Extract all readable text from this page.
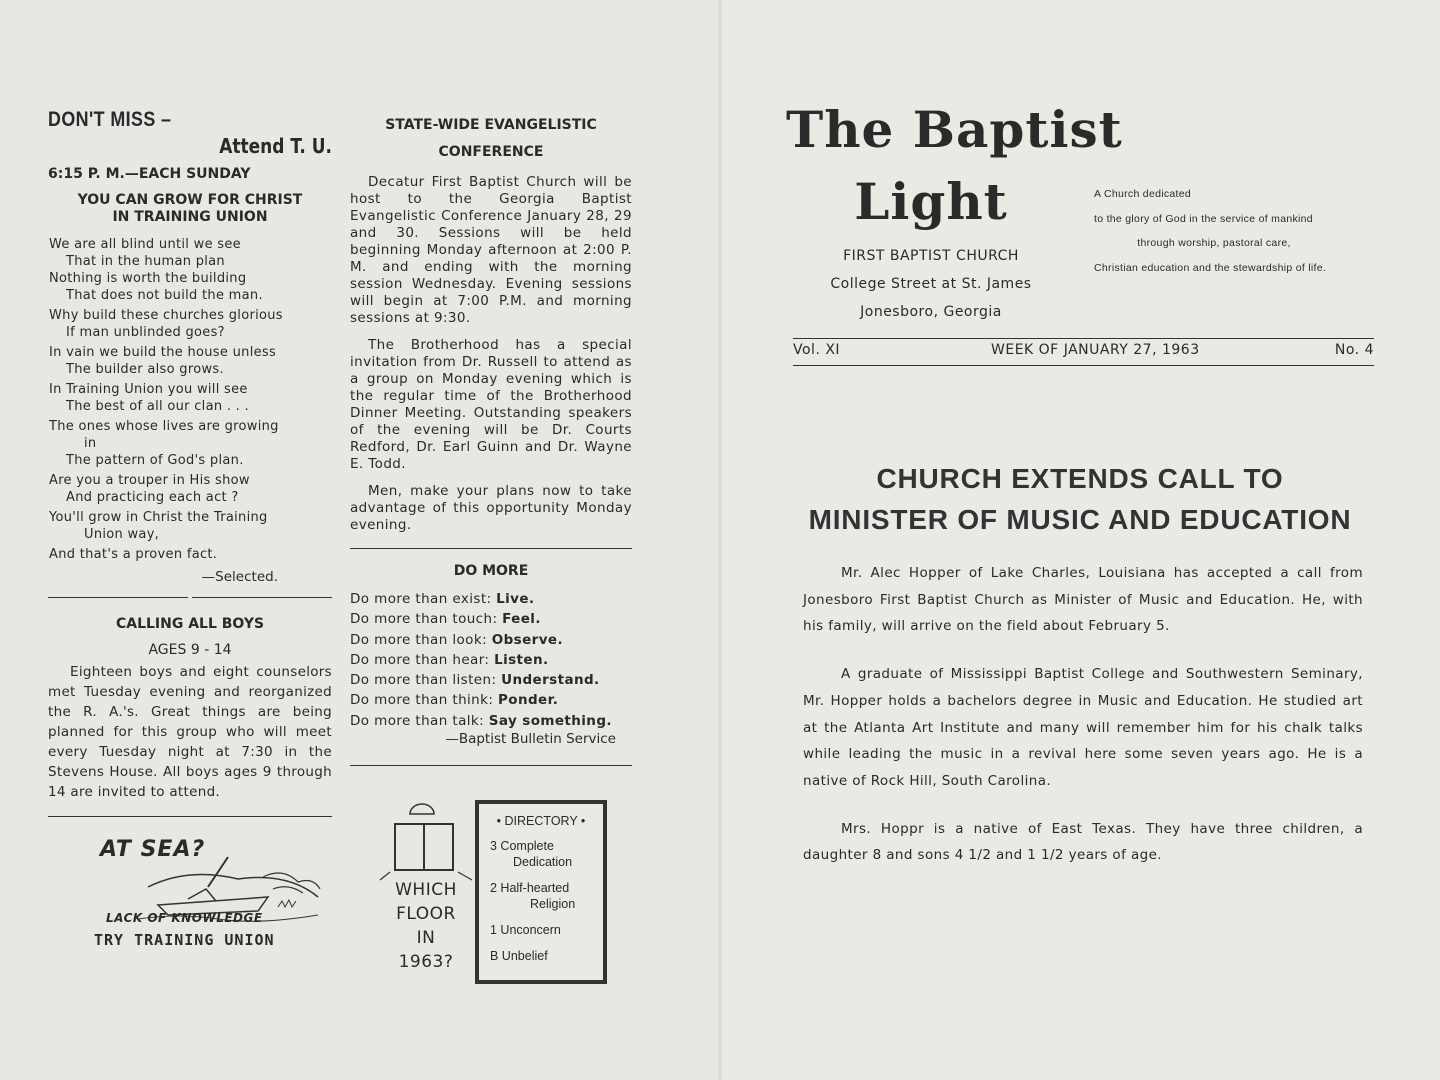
DON'T MISS –
Attend T. U.
6:15 P. M.—EACH SUNDAY
YOU CAN GROW FOR CHRIST
IN TRAINING UNION
We are all blind until we see
That in the human plan
Nothing is worth the building
That does not build the man.
Why build these churches glorious
If man unblinded goes?
In vain we build the house unless
The builder also grows.
In Training Union you will see
The best of all our clan . . .
The ones whose lives are growing
in
The pattern of God's plan.
Are you a trouper in His show
And practicing each act ?
You'll grow in Christ the Training
Union way,
And that's a proven fact.
—Selected.
CALLING ALL BOYS
AGES 9 - 14
Eighteen boys and eight counselors met Tuesday evening and reorganized the R. A.'s. Great things are being planned for this group who will meet every Tuesday night at 7:30 in the Stevens House. All boys ages 9 through 14 are invited to attend.
AT SEA?
LACK OF KNOWLEDGE
TRY TRAINING UNION
STATE-WIDE EVANGELISTIC
CONFERENCE
Decatur First Baptist Church will be host to the Georgia Baptist Evangelistic Conference January 28, 29 and 30. Sessions will be held beginning Monday afternoon at 2:00 P. M. and ending with the morning session Wednesday. Evening sessions will begin at 7:00 P.M. and morning sessions at 9:30.
The Brotherhood has a special invitation from Dr. Russell to attend as a group on Monday evening which is the regular time of the Brotherhood Dinner Meeting. Outstanding speakers of the evening will be Dr. Courts Redford, Dr. Earl Guinn and Dr. Wayne E. Todd.
Men, make your plans now to take advantage of this opportunity Monday evening.
DO MORE
Do more than exist: Live.
Do more than touch: Feel.
Do more than look: Observe.
Do more than hear: Listen.
Do more than listen: Understand.
Do more than think: Ponder.
Do more than talk: Say something.
—Baptist Bulletin Service
WHICH
FLOOR
IN
1963?
• DIRECTORY •
3 Complete
Dedication
2 Half-hearted
Religion
1 Unconcern
B Unbelief
The Baptist
Light
FIRST BAPTIST CHURCH
College Street at St. James
Jonesboro, Georgia
A Church dedicated
to the glory of God in the service of mankind
through worship, pastoral care,
Christian education and the stewardship of life.
Vol. XI	WEEK OF JANUARY 27, 1963	No. 4
CHURCH EXTENDS CALL TO
MINISTER OF MUSIC AND EDUCATION

Mr. Alec Hopper of Lake Charles, Louisiana has accepted a call from Jonesboro First Baptist Church as Minister of Music and Education. He, with his family, will arrive on the field about February 5.

A graduate of Mississippi Baptist College and Southwestern Seminary, Mr. Hopper holds a bachelors degree in Music and Education. He studied art at the Atlanta Art Institute and many will remember him for his chalk talks while leading the music in a revival here some seven years ago. He is a native of Rock Hill, South Carolina.

Mrs. Hoppr is a native of East Texas. They have three children, a daughter 8 and sons 4 1/2 and 1 1/2 years of age.
